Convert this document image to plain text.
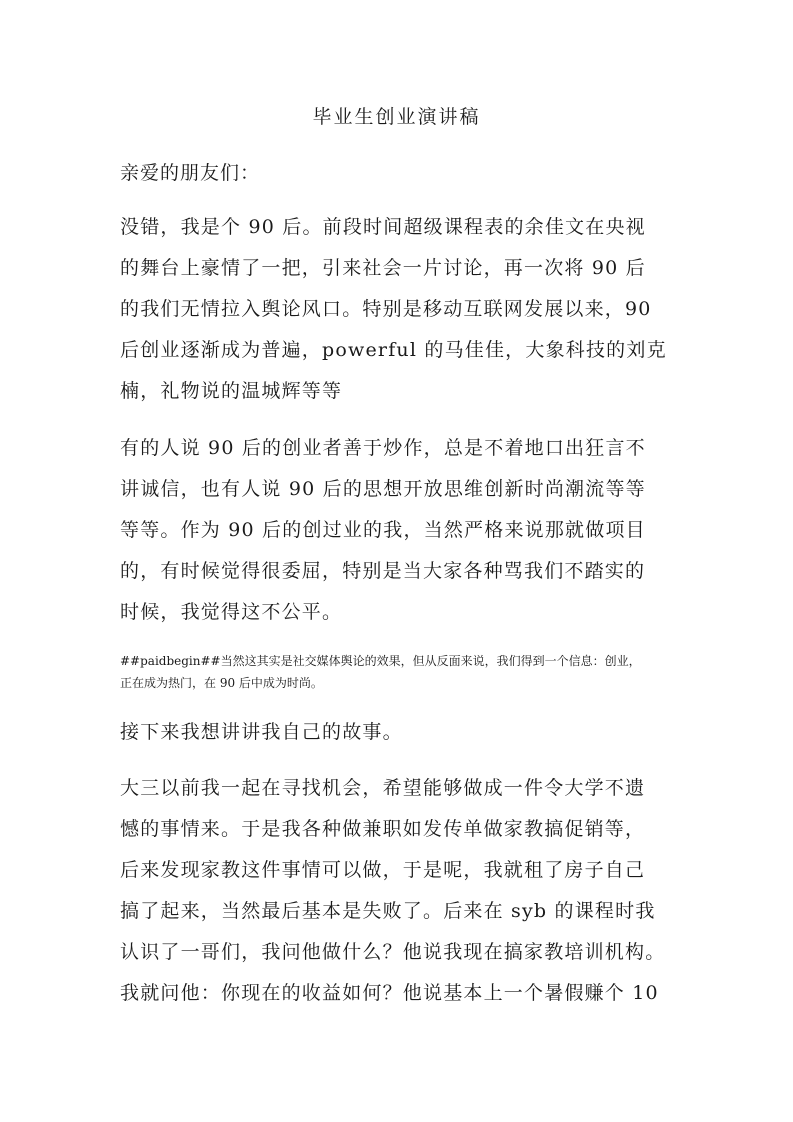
毕业生创业演讲稿
亲爱的朋友们：
没错，我是个 90 后。前段时间超级课程表的余佳文在央视
的舞台上豪情了一把，引来社会一片讨论，再一次将 90 后
的我们无情拉入舆论风口。特别是移动互联网发展以来，90
后创业逐渐成为普遍，powerful 的马佳佳，大象科技的刘克
楠，礼物说的温城辉等等
有的人说 90 后的创业者善于炒作，总是不着地口出狂言不
讲诚信，也有人说 90 后的思想开放思维创新时尚潮流等等
等等。作为 90 后的创过业的我，当然严格来说那就做项目
的，有时候觉得很委屈，特别是当大家各种骂我们不踏实的
时候，我觉得这不公平。
##paidbegin##当然这其实是社交媒体舆论的效果，但从反面来说，我们得到一个信息：创业，
正在成为热门，在 90 后中成为时尚。
接下来我想讲讲我自己的故事。
大三以前我一起在寻找机会，希望能够做成一件令大学不遗
憾的事情来。于是我各种做兼职如发传单做家教搞促销等，
后来发现家教这件事情可以做，于是呢，我就租了房子自己
搞了起来，当然最后基本是失败了。后来在 syb 的课程时我
认识了一哥们，我问他做什么？他说我现在搞家教培训机构。
我就问他：你现在的收益如何？他说基本上一个暑假赚个 10
